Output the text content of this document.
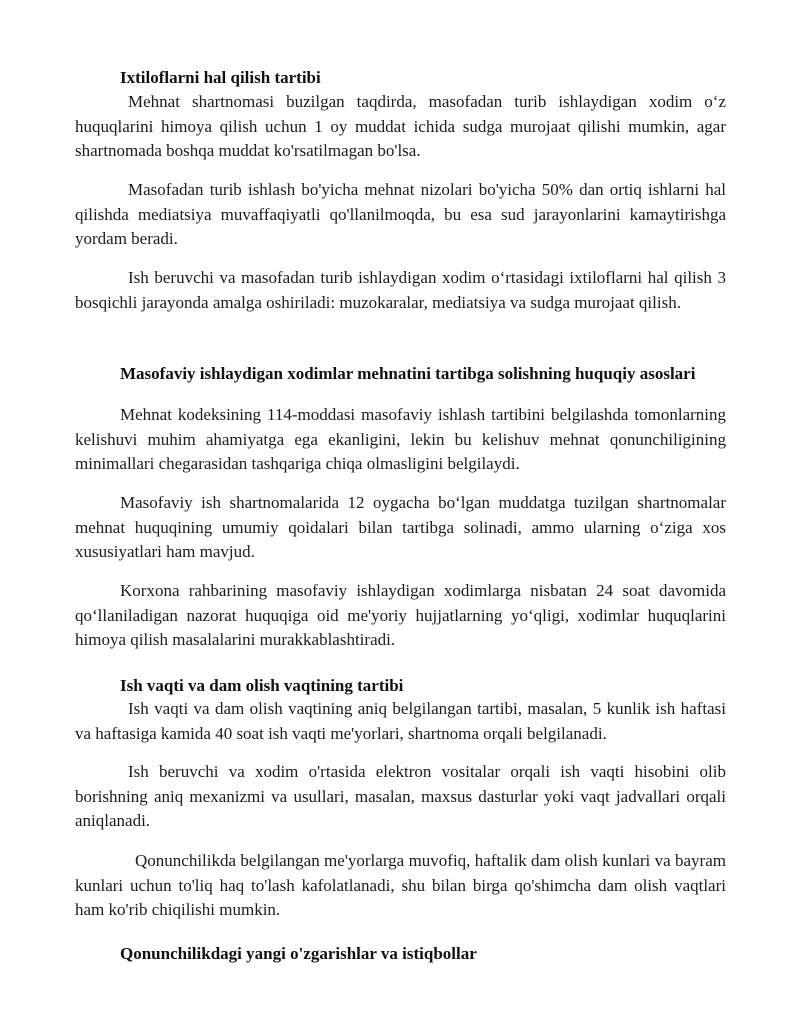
Ixtiloflarni hal qilish tartibi

Mehnat shartnomasi buzilgan taqdirda, masofadan turib ishlaydigan xodim o‘z huquqlarini himoya qilish uchun 1 oy muddat ichida sudga murojaat qilishi mumkin, agar shartnomada boshqa muddat ko'rsatilmagan bo'lsa.

Masofadan turib ishlash bo'yicha mehnat nizolari bo'yicha 50% dan ortiq ishlarni hal qilishda mediatsiya muvaffaqiyatli qo'llanilmoqda, bu esa sud jarayonlarini kamaytirishga yordam beradi.

Ish beruvchi va masofadan turib ishlaydigan xodim o‘rtasidagi ixtiloflarni hal qilish 3 bosqichli jarayonda amalga oshiriladi: muzokaralar, mediatsiya va sudga murojaat qilish.

Masofaviy ishlaydigan xodimlar mehnatini tartibga solishning huquqiy asoslari

Mehnat kodeksining 114-moddasi masofaviy ishlash tartibini belgilashda tomonlarning kelishuvi muhim ahamiyatga ega ekanligini, lekin bu kelishuv mehnat qonunchiligining minimallari chegarasidan tashqariga chiqa olmasligini belgilaydi.

Masofaviy ish shartnomalarida 12 oygacha bo‘lgan muddatga tuzilgan shartnomalar mehnat huquqining umumiy qoidalari bilan tartibga solinadi, ammo ularning o‘ziga xos xususiyatlari ham mavjud.

Korxona rahbarining masofaviy ishlaydigan xodimlarga nisbatan 24 soat davomida qo‘llaniladigan nazorat huquqiga oid me'yoriy hujjatlarning yo‘qligi, xodimlar huquqlarini himoya qilish masalalarini murakkablashtiradi.

Ish vaqti va dam olish vaqtining tartibi

Ish vaqti va dam olish vaqtining aniq belgilangan tartibi, masalan, 5 kunlik ish haftasi va haftasiga kamida 40 soat ish vaqti me'yorlari, shartnoma orqali belgilanadi.

Ish beruvchi va xodim o'rtasida elektron vositalar orqali ish vaqti hisobini olib borishning aniq mexanizmi va usullari, masalan, maxsus dasturlar yoki vaqt jadvallari orqali aniqlanadi.

Qonunchilikda belgilangan me'yorlarga muvofiq, haftalik dam olish kunlari va bayram kunlari uchun to'liq haq to'lash kafolatlanadi, shu bilan birga qo'shimcha dam olish vaqtlari ham ko'rib chiqilishi mumkin.

Qonunchilikdagi yangi o'zgarishlar va istiqbollar
